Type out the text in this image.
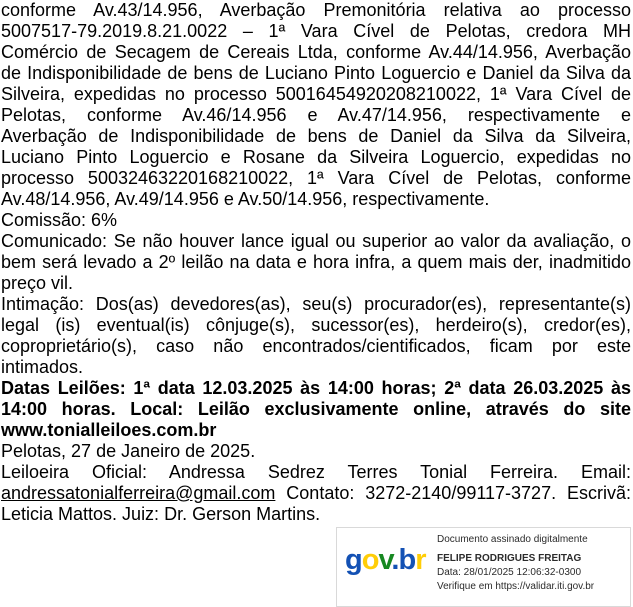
conforme Av.43/14.956, Averbação Premonitória relativa ao processo
5007517-79.2019.8.21.0022 – 1ª Vara Cível de Pelotas, credora MH
Comércio de Secagem de Cereais Ltda, conforme Av.44/14.956, Averbação
de Indisponibilidade de bens de Luciano Pinto Loguercio e Daniel da Silva da
Silveira, expedidas no processo 50016454920208210022, 1ª Vara Cível de
Pelotas, conforme Av.46/14.956 e Av.47/14.956, respectivamente e
Averbação de Indisponibilidade de bens de Daniel da Silva da Silveira,
Luciano Pinto Loguercio e Rosane da Silveira Loguercio, expedidas no
processo 50032463220168210022, 1ª Vara Cível de Pelotas, conforme
Av.48/14.956, Av.49/14.956 e Av.50/14.956, respectivamente.
Comissão: 6%
Comunicado: Se não houver lance igual ou superior ao valor da avaliação, o
bem será levado a 2º leilão na data e hora infra, a quem mais der, inadmitido
preço vil.
Intimação: Dos(as) devedores(as), seu(s) procurador(es), representante(s)
legal (is) eventual(is) cônjuge(s), sucessor(es), herdeiro(s), credor(es),
coproprietário(s), caso não encontrados/cientificados, ficam por este
intimados.
Datas Leilões: 1ª data 12.03.2025 às 14:00 horas; 2ª data 26.03.2025 às
14:00 horas. Local: Leilão exclusivamente online, através do site
www.tonialleiloes.com.br
Pelotas, 27 de Janeiro de 2025.
Leiloeira Oficial: Andressa Sedrez Terres Tonial Ferreira. Email:
andressatonialferreira@gmail.com Contato: 3272-2140/99117-3727. Escrivã:
Leticia Mattos. Juiz: Dr. Gerson Martins.
gov.br
Documento assinado digitalmente
FELIPE RODRIGUES FREITAG
Data: 28/01/2025 12:06:32-0300
Verifique em https://validar.iti.gov.br
